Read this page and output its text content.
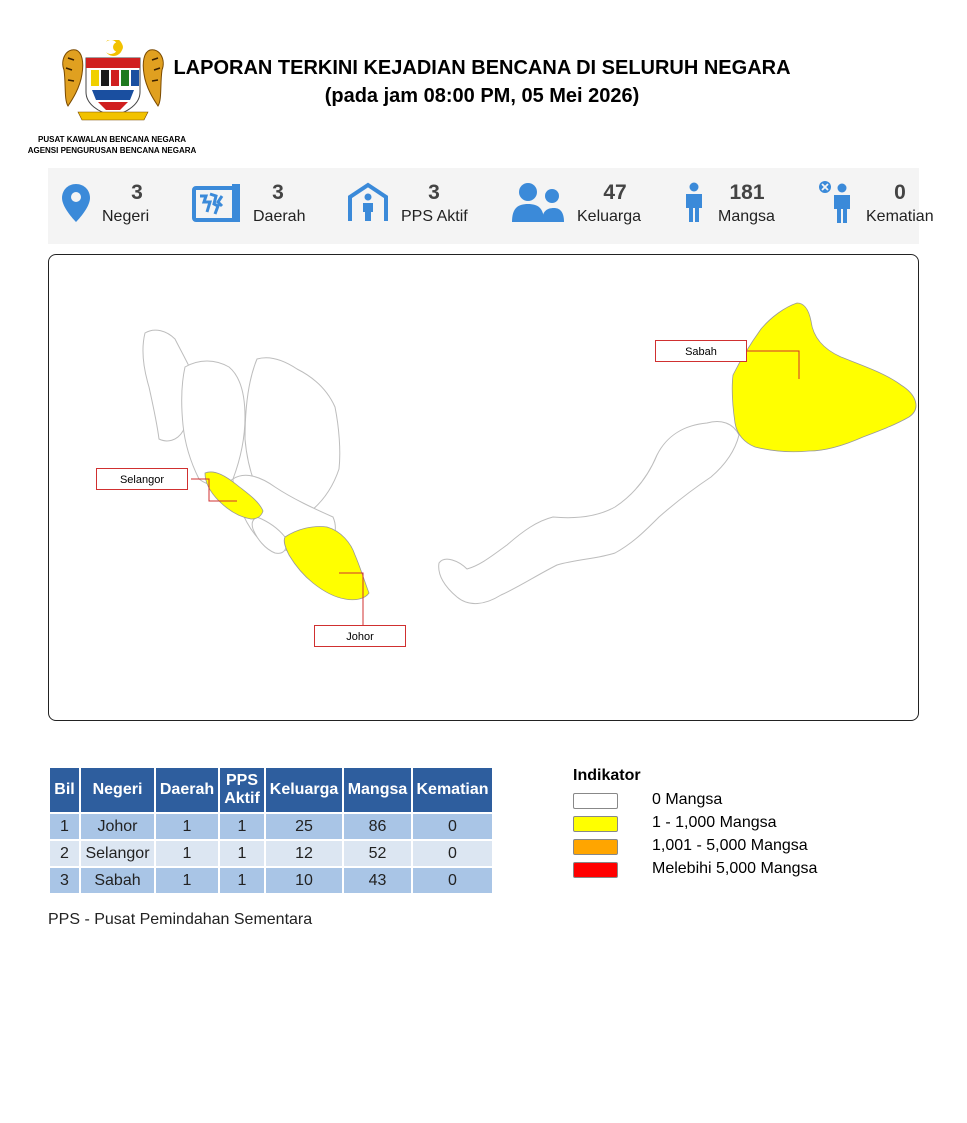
PUSAT KAWALAN BENCANA NEGARA
AGENSI PENGURUSAN BENCANA NEGARA
LAPORAN TERKINI KEJADIAN BENCANA DI SELURUH NEGARA
(pada jam 08:00 PM, 05 Mei 2026)
3
Negeri
3
Daerah
3
PPS Aktif
47
Keluarga
181
Mangsa
0
Kematian
Sabah
Selangor
Johor
Bil	Negeri	Daerah	PPS Aktif	Keluarga	Mangsa	Kematian
1	Johor	1	1	25	86	0
2	Selangor	1	1	12	52	0
3	Sabah	1	1	10	43	0
PPS - Pusat Pemindahan Sementara
Indikator
0 Mangsa
1 - 1,000 Mangsa
1,001 - 5,000 Mangsa
Melebihi 5,000 Mangsa
